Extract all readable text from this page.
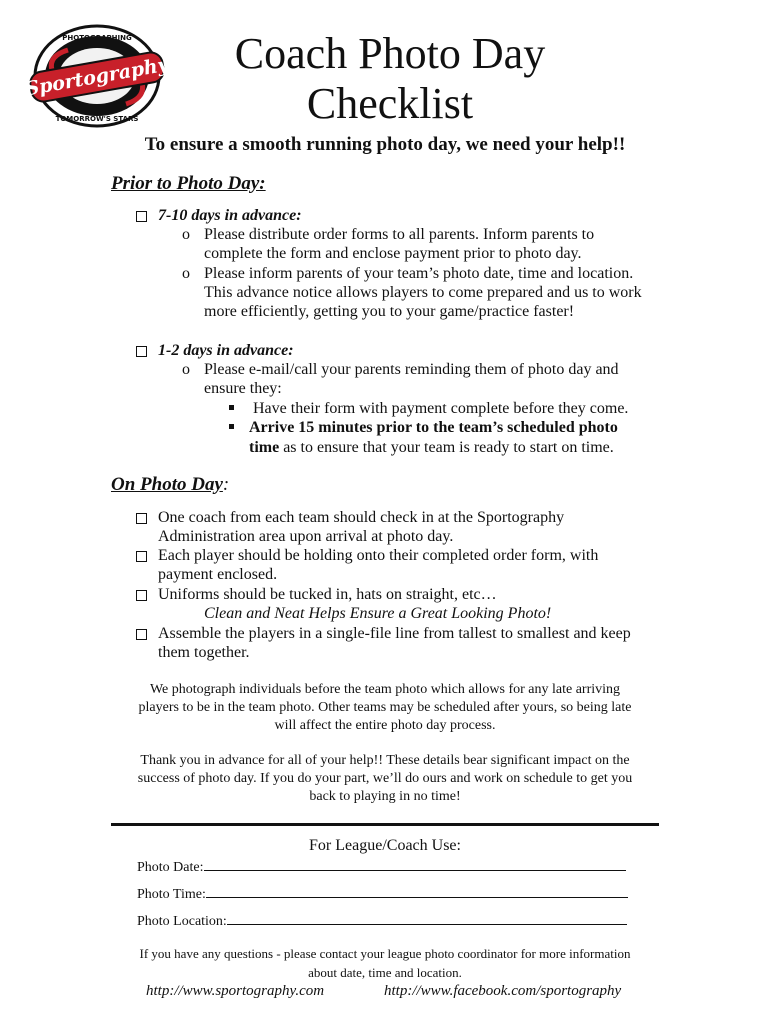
Sportography
PHOTOGRAPHING
TOMORROW'S STARS
Coach Photo Day
Checklist
To ensure a smooth running photo day, we need your help!!
Prior to Photo Day:
7-10 days in advance:
o Please distribute order forms to all parents. Inform parents to
complete the form and enclose payment prior to photo day.
o Please inform parents of your team’s photo date, time and location.
This advance notice allows players to come prepared and us to work
more efficiently, getting you to your game/practice faster!
1-2 days in advance:
o Please e-mail/call your parents reminding them of photo day and
ensure they:
Have their form with payment complete before they come.
Arrive 15 minutes prior to the team’s scheduled photo
time as to ensure that your team is ready to start on time.
On Photo Day:
One coach from each team should check in at the Sportography
Administration area upon arrival at photo day.
Each player should be holding onto their completed order form, with
payment enclosed.
Uniforms should be tucked in, hats on straight, etc…
Clean and Neat Helps Ensure a Great Looking Photo!
Assemble the players in a single-file line from tallest to smallest and keep
them together.
We photograph individuals before the team photo which allows for any late arriving
players to be in the team photo. Other teams may be scheduled after yours, so being late
will affect the entire photo day process.
Thank you in advance for all of your help!! These details bear significant impact on the
success of photo day. If you do your part, we’ll do ours and work on schedule to get you
back to playing in no time!
For League/Coach Use:
Photo Date:
Photo Time:
Photo Location:
If you have any questions - please contact your league photo coordinator for more information
about date, time and location.
http://www.sportography.com	http://www.facebook.com/sportography
